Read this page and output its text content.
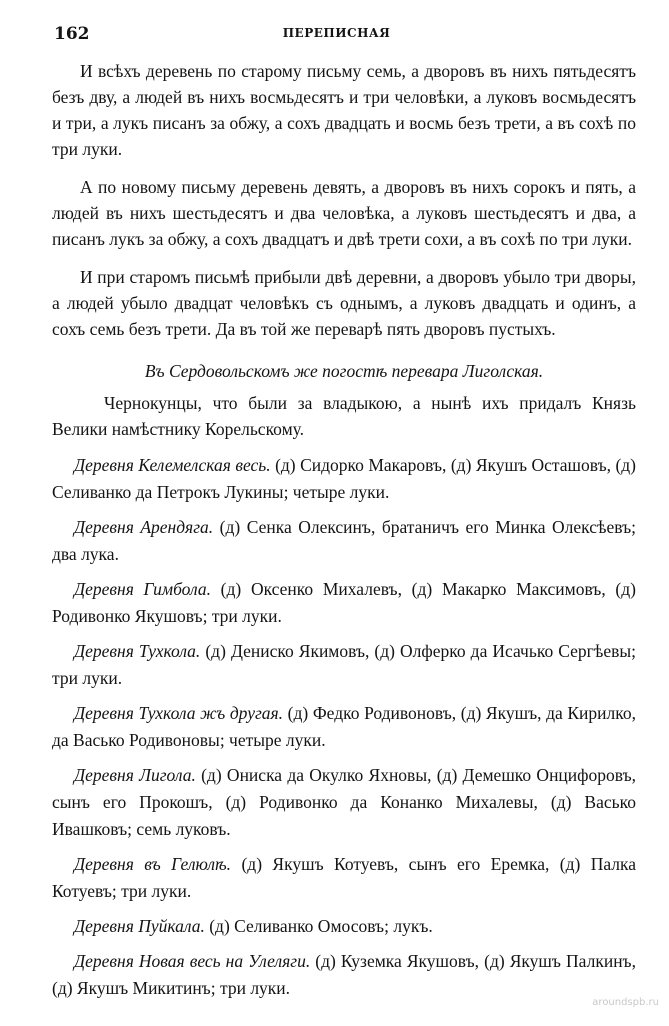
162	ПЕРЕПИСНАЯ

И всѣхъ деревень по старому письму семь, а дворовъ въ нихъ пятьдесятъ безъ дву, а людей въ нихъ восмьдесятъ и три человѣки, а луковъ восмьдесятъ и три, а лукъ писанъ за обжу, а сохъ двадцать и восмь безъ трети, а въ сохѣ по три луки.

А по новому письму деревень девять, а дворовъ въ нихъ сорокъ и пять, а людей въ нихъ шестьдесятъ и два человѣка, а луковъ шестьдесятъ и два, а писанъ лукъ за обжу, а сохъ двадцатъ и двѣ трети сохи, а въ сохѣ по три луки.

И при старомъ письмѣ прибыли двѣ деревни, а дворовъ убыло три дворы, а людей убыло двадцат человѣкъ съ однымъ, а луковъ двадцать и одинъ, а сохъ семь безъ трети. Да въ той же переварѣ пять дворовъ пустыхъ.

Въ Сердовольскомъ же погостѣ перевара Лиголская.

Чернокунцы, что были за владыкою, а нынѣ ихъ придалъ Князь Велики намѣстнику Корельскому.

Деревня Келемелская весь. (д) Сидорко Макаровъ, (д) Якушъ Осташовъ, (д) Селиванко да Петрокъ Лукины; четыре луки.

Деревня Арендяга. (д) Сенка Олексинъ, братаничъ его Минка Олексѣевъ; два лука.

Деревня Гимбола. (д) Оксенко Михалевъ, (д) Макарко Максимовъ, (д) Родивонко Якушовъ; три луки.

Деревня Тухкола. (д) Дениско Якимовъ, (д) Олферко да Исачько Сергѣевы; три луки.

Деревня Тухкола жъ другая. (д) Федко Родивоновъ, (д) Якушъ, да Кирилко, да Васько Родивоновы; четыре луки.

Деревня Лигола. (д) Ониска да Окулко Яхновы, (д) Демешко Онцифоровъ, сынъ его Прокошъ, (д) Родивонко да Конанко Михалевы, (д) Васько Ивашковъ; семь луковъ.

Деревня въ Гелюлѣ. (д) Якушъ Котуевъ, сынъ его Еремка, (д) Палка Котуевъ; три луки.

Деревня Пуйкала. (д) Селиванко Омосовъ; лукъ.

Деревня Новая весь на Улеляги. (д) Куземка Якушовъ, (д) Якушъ Палкинъ, (д) Якушъ Микитинъ; три луки.

aroundspb.ru
